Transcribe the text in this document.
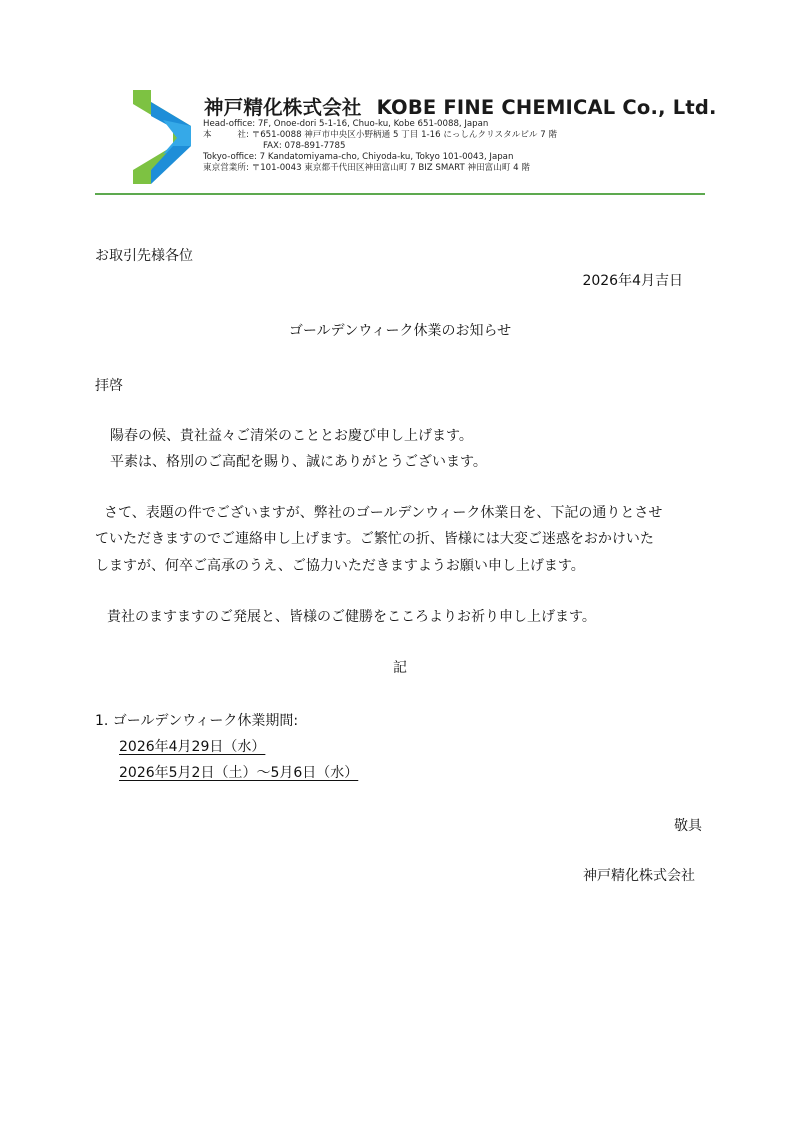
神戸精化株式会社 KOBE FINE CHEMICAL Co., Ltd.
Head-office: 7F, Onoe-dori 5-1-16, Chuo-ku, Kobe 651-0088, Japan
本　　　社: 〒651-0088 神戸市中央区小野柄通 5 丁目 1-16 にっしんクリスタルビル 7 階
FAX: 078-891-7785
Tokyo-office: 7 Kandatomiyama-cho, Chiyoda-ku, Tokyo 101-0043, Japan
東京営業所: 〒101-0043 東京都千代田区神田富山町 7 BIZ SMART 神田富山町 4 階
お取引先様各位
2026年4月吉日
ゴールデンウィーク休業のお知らせ
拝啓
陽春の候、貴社益々ご清栄のこととお慶び申し上げます。
平素は、格別のご高配を賜り、誠にありがとうございます。
さて、表題の件でございますが、弊社のゴールデンウィーク休業日を、下記の通りとさせ
ていただきますのでご連絡申し上げます。ご繁忙の折、皆様には大変ご迷惑をおかけいた
しますが、何卒ご高承のうえ、ご協力いただきますようお願い申し上げます。
貴社のますますのご発展と、皆様のご健勝をこころよりお祈り申し上げます。
記
1. ゴールデンウィーク休業期間:
2026年4月29日（水）
2026年5月2日（土）～5月6日（水）
敬具
神戸精化株式会社
